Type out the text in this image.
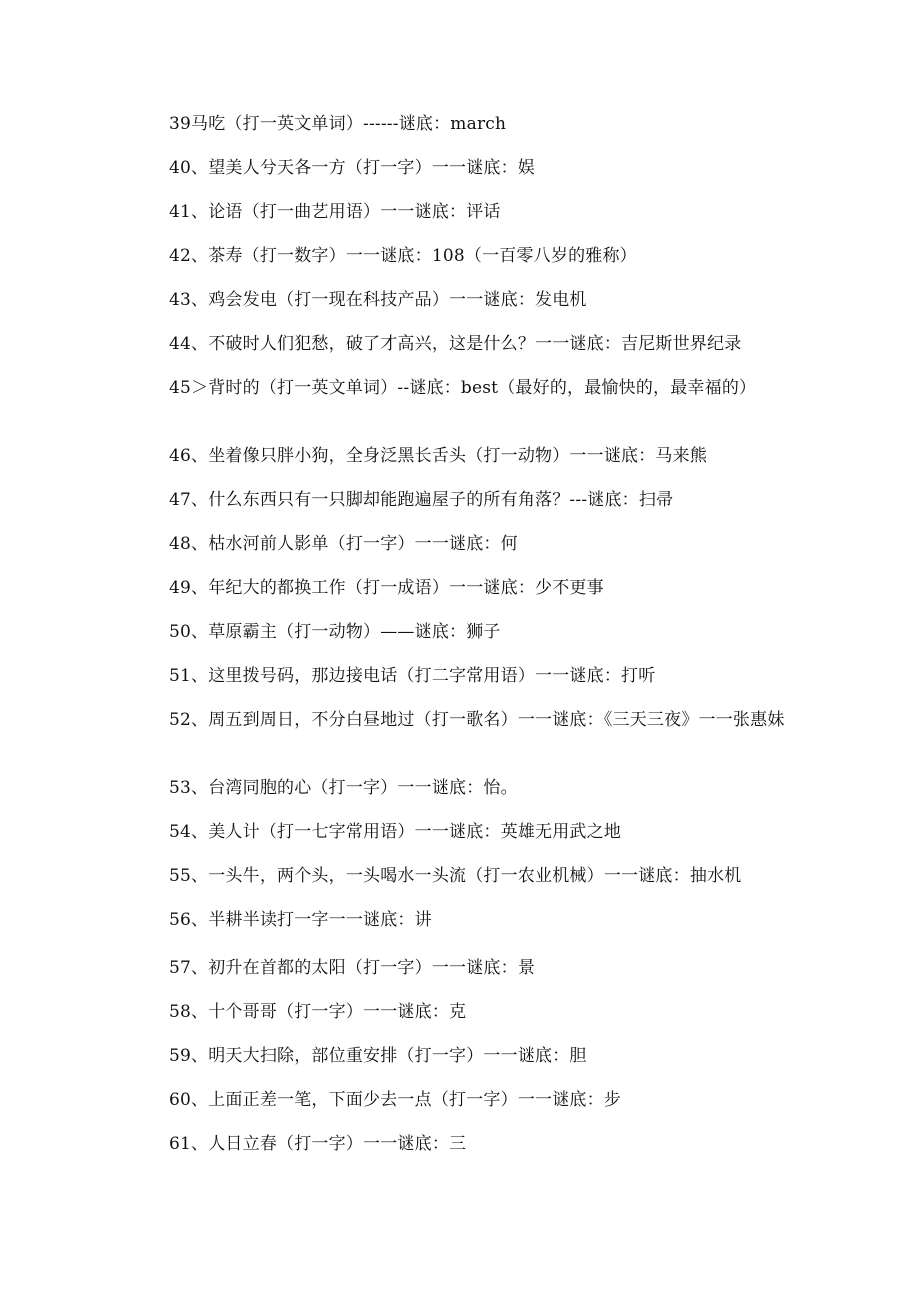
39马吃（打一英文单词）------谜底：march

40、望美人兮天各一方（打一字）一一谜底：娱

41、论语（打一曲艺用语）一一谜底：评话

42、茶寿（打一数字）一一谜底：108（一百零八岁的雅称）

43、鸡会发电（打一现在科技产品）一一谜底：发电机

44、不破时人们犯愁，破了才高兴，这是什么？一一谜底：吉尼斯世界纪录

45＞背时的（打一英文单词）--谜底：best（最好的，最愉快的，最幸福的）

46、坐着像只胖小狗，全身泛黑长舌头（打一动物）一一谜底：马来熊

47、什么东西只有一只脚却能跑遍屋子的所有角落？---谜底：扫帚

48、枯水河前人影单（打一字）一一谜底：何

49、年纪大的都换工作（打一成语）一一谜底：少不更事

50、草原霸主（打一动物）——谜底：狮子

51、这里拨号码，那边接电话（打二字常用语）一一谜底：打听

52、周五到周日，不分白昼地过（打一歌名）一一谜底：《三天三夜》一一张惠妹

53、台湾同胞的心（打一字）一一谜底：怡。

54、美人计（打一七字常用语）一一谜底：英雄无用武之地

55、一头牛，两个头，一头喝水一头流（打一农业机械）一一谜底：抽水机

56、半耕半读打一字一一谜底：讲

57、初升在首都的太阳（打一字）一一谜底：景

58、十个哥哥（打一字）一一谜底：克

59、明天大扫除，部位重安排（打一字）一一谜底：胆

60、上面正差一笔，下面少去一点（打一字）一一谜底：步

61、人日立春（打一字）一一谜底：三
